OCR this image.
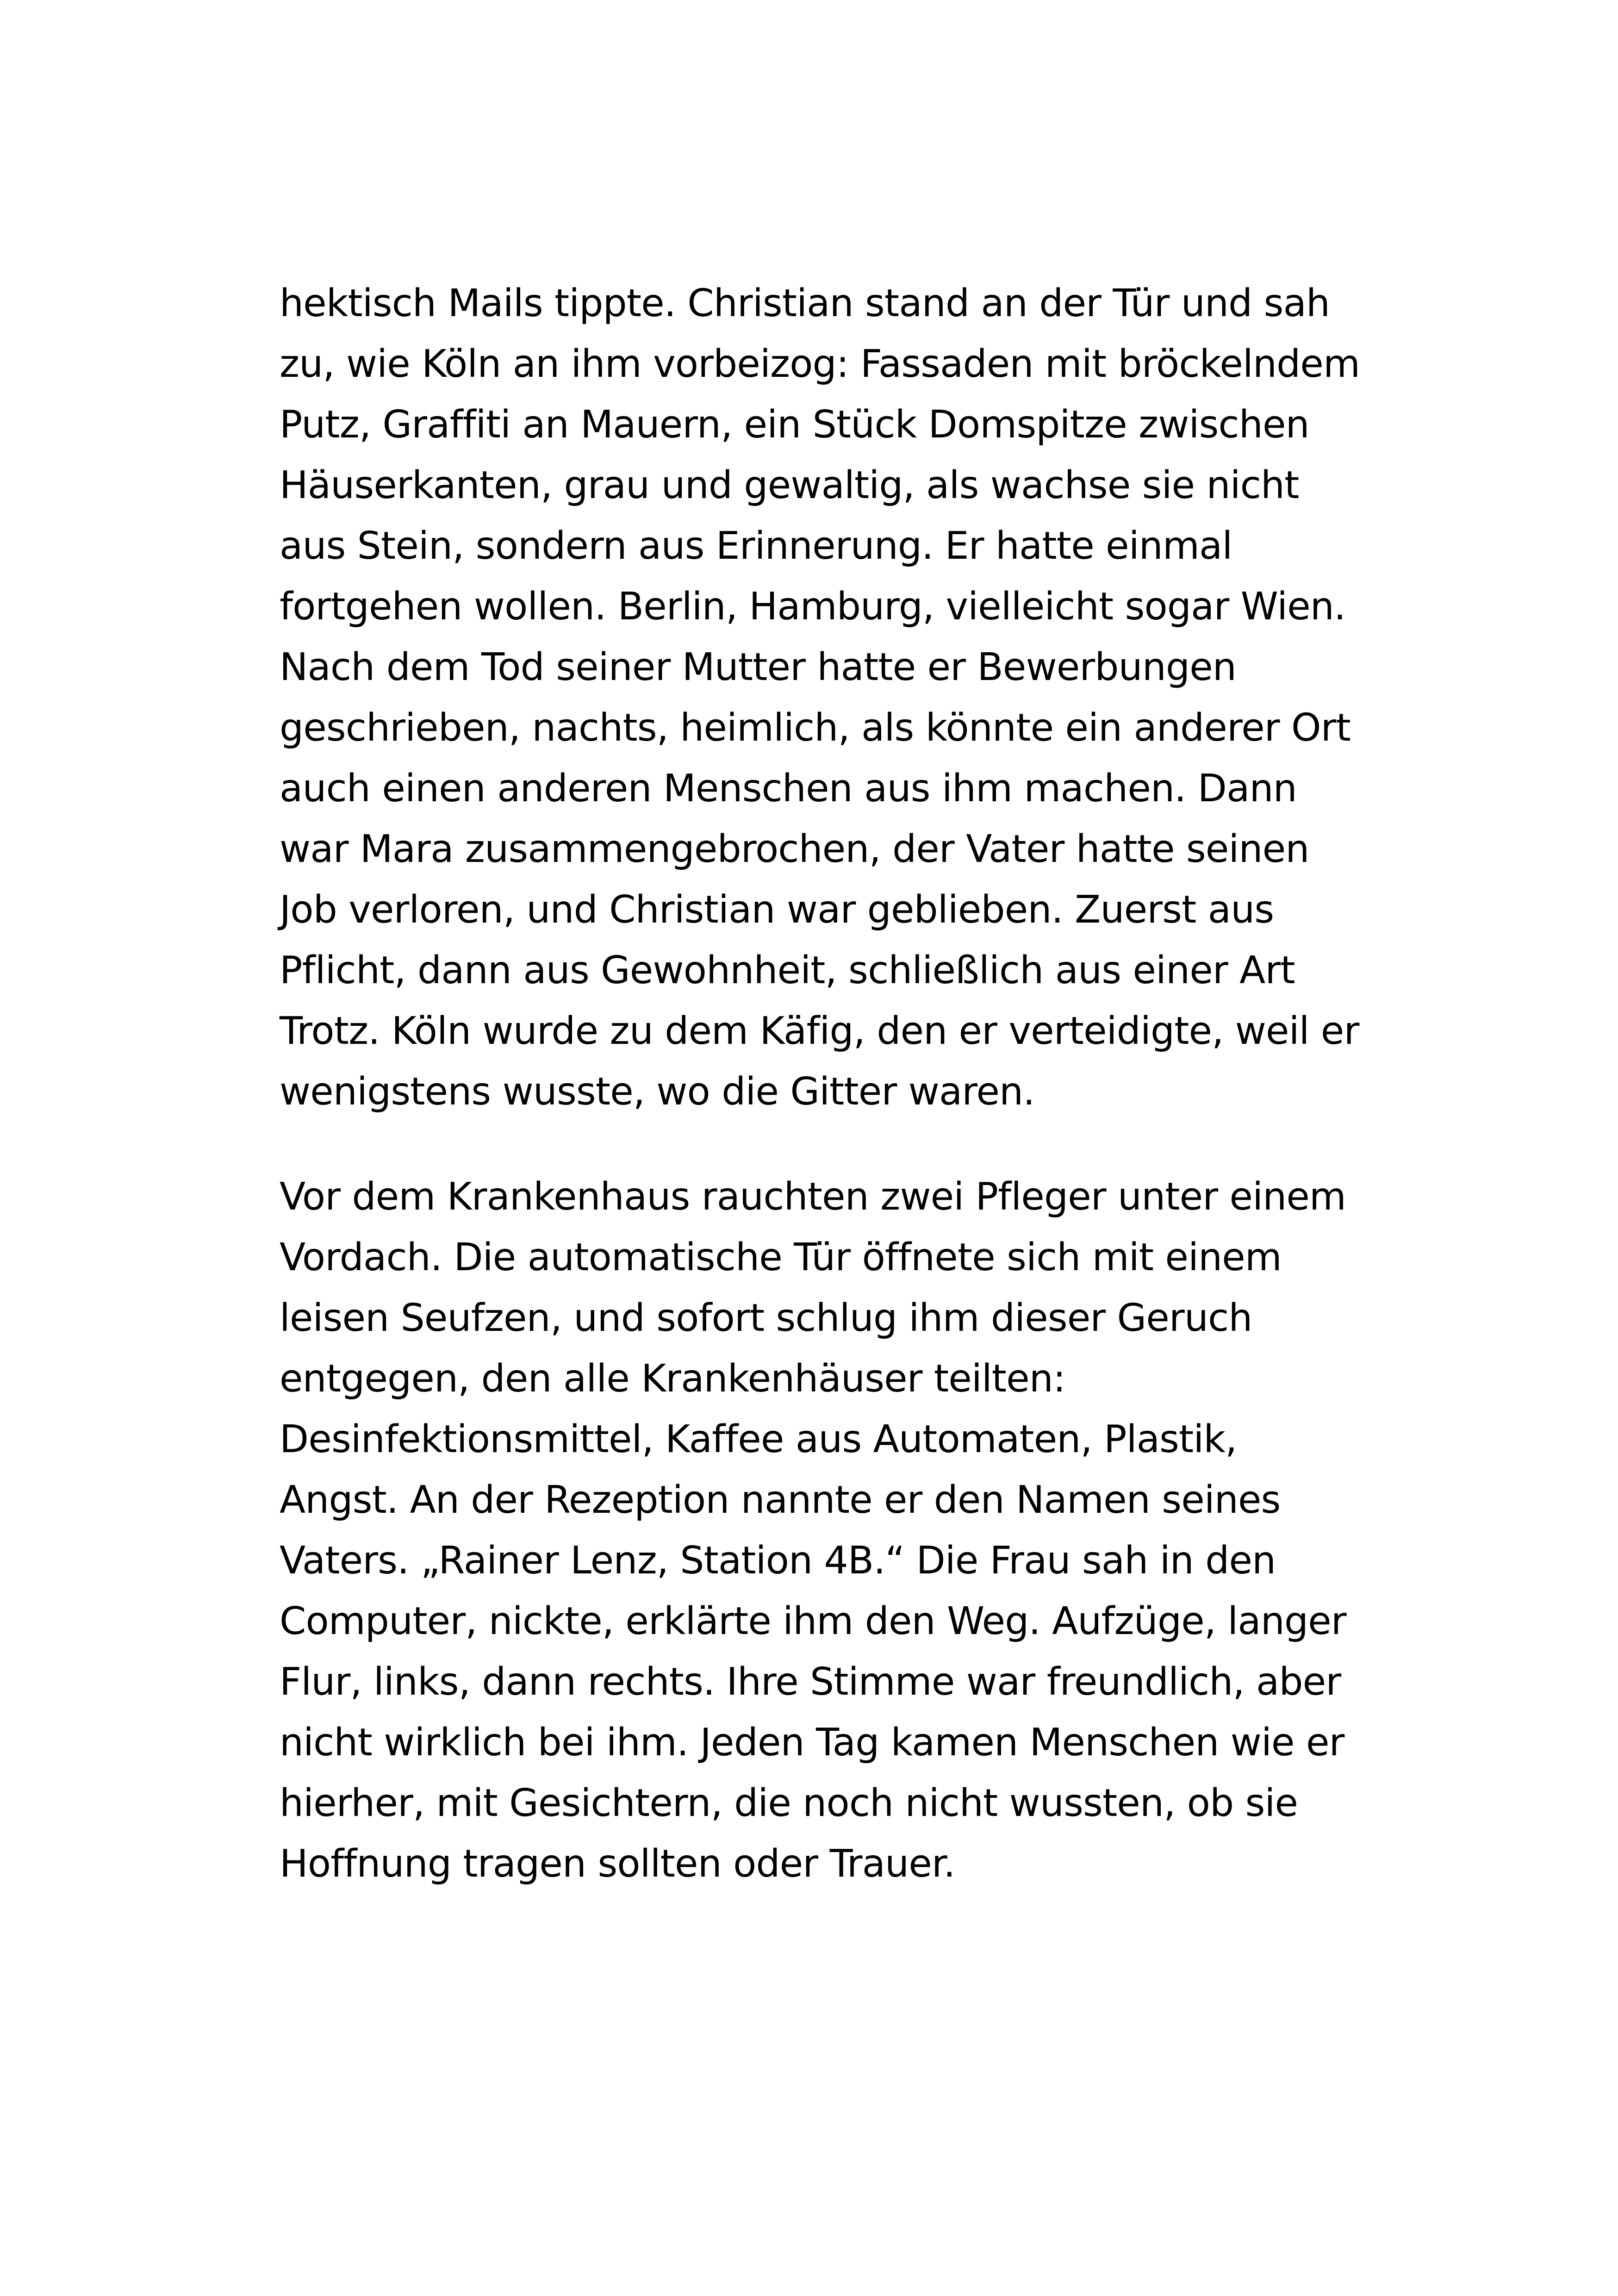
hektisch Mails tippte. Christian stand an der Tür und sah
zu, wie Köln an ihm vorbeizog: Fassaden mit bröckelndem
Putz, Graffiti an Mauern, ein Stück Domspitze zwischen
Häuserkanten, grau und gewaltig, als wachse sie nicht
aus Stein, sondern aus Erinnerung. Er hatte einmal
fortgehen wollen. Berlin, Hamburg, vielleicht sogar Wien.
Nach dem Tod seiner Mutter hatte er Bewerbungen
geschrieben, nachts, heimlich, als könnte ein anderer Ort
auch einen anderen Menschen aus ihm machen. Dann
war Mara zusammengebrochen, der Vater hatte seinen
Job verloren, und Christian war geblieben. Zuerst aus
Pflicht, dann aus Gewohnheit, schließlich aus einer Art
Trotz. Köln wurde zu dem Käfig, den er verteidigte, weil er
wenigstens wusste, wo die Gitter waren.
Vor dem Krankenhaus rauchten zwei Pfleger unter einem
Vordach. Die automatische Tür öffnete sich mit einem
leisen Seufzen, und sofort schlug ihm dieser Geruch
entgegen, den alle Krankenhäuser teilten:
Desinfektionsmittel, Kaffee aus Automaten, Plastik,
Angst. An der Rezeption nannte er den Namen seines
Vaters. „Rainer Lenz, Station 4B.“ Die Frau sah in den
Computer, nickte, erklärte ihm den Weg. Aufzüge, langer
Flur, links, dann rechts. Ihre Stimme war freundlich, aber
nicht wirklich bei ihm. Jeden Tag kamen Menschen wie er
hierher, mit Gesichtern, die noch nicht wussten, ob sie
Hoffnung tragen sollten oder Trauer.
